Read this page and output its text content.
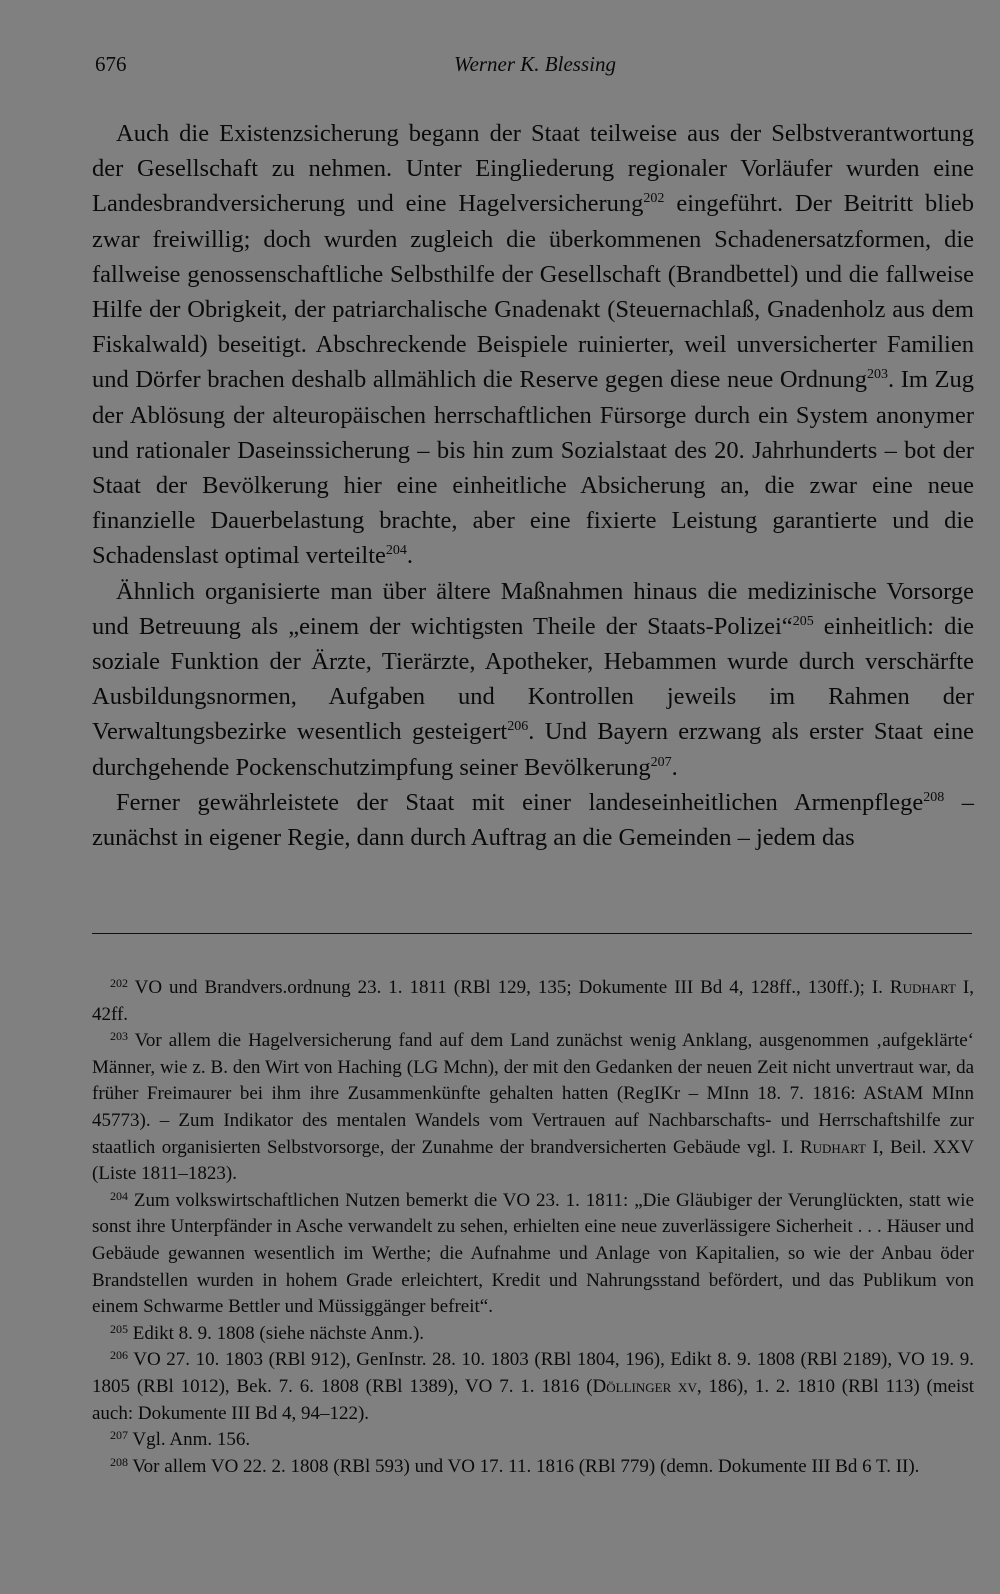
676	Werner K. Blessing

Auch die Existenzsicherung begann der Staat teilweise aus der Selbstverantwortung der Gesellschaft zu nehmen. Unter Eingliederung regionaler Vorläufer wurden eine Landesbrandversicherung und eine Hagelversicherung$^{202}$ eingeführt. Der Beitritt blieb zwar freiwillig; doch wurden zugleich die überkommenen Schadenersatzformen, die fallweise genossenschaftliche Selbsthilfe der Gesellschaft (Brandbettel) und die fallweise Hilfe der Obrigkeit, der patriarchalische Gnadenakt (Steuernachlaß, Gnadenholz aus dem Fiskalwald) beseitigt. Abschreckende Beispiele ruinierter, weil unversicherter Familien und Dörfer brachen deshalb allmählich die Reserve gegen diese neue Ordnung$^{203}$. Im Zug der Ablösung der alteuropäischen herrschaftlichen Fürsorge durch ein System anonymer und rationaler Daseinssicherung – bis hin zum Sozialstaat des 20. Jahrhunderts – bot der Staat der Bevölkerung hier eine einheitliche Absicherung an, die zwar eine neue finanzielle Dauerbelastung brachte, aber eine fixierte Leistung garantierte und die Schadenslast optimal verteilte$^{204}$.

Ähnlich organisierte man über ältere Maßnahmen hinaus die medizinische Vorsorge und Betreuung als „einem der wichtigsten Theile der Staats-Polizei“$^{205}$ einheitlich: die soziale Funktion der Ärzte, Tierärzte, Apotheker, Hebammen wurde durch verschärfte Ausbildungsnormen, Aufgaben und Kontrollen jeweils im Rahmen der Verwaltungsbezirke wesentlich gesteigert$^{206}$. Und Bayern erzwang als erster Staat eine durchgehende Pockenschutzimpfung seiner Bevölkerung$^{207}$.

Ferner gewährleistete der Staat mit einer landeseinheitlichen Armenpflege$^{208}$ – zunächst in eigener Regie, dann durch Auftrag an die Gemeinden – jedem das

$^{202}$ VO und Brandvers.ordnung 23. 1. 1811 (RBl 129, 135; Dokumente III Bd 4, 128ff., 130ff.); I. Rudhart I, 42ff.

$^{203}$ Vor allem die Hagelversicherung fand auf dem Land zunächst wenig Anklang, ausgenommen ‚aufgeklärte‘ Männer, wie z. B. den Wirt von Haching (LG Mchn), der mit den Gedanken der neuen Zeit nicht unvertraut war, da früher Freimaurer bei ihm ihre Zusammenkünfte gehalten hatten (RegIKr – MInn 18. 7. 1816: AStAM MInn 45773). – Zum Indikator des mentalen Wandels vom Vertrauen auf Nachbarschafts- und Herrschaftshilfe zur staatlich organisierten Selbstvorsorge, der Zunahme der brandversicherten Gebäude vgl. I. Rudhart I, Beil. XXV (Liste 1811–1823).

$^{204}$ Zum volkswirtschaftlichen Nutzen bemerkt die VO 23. 1. 1811: „Die Gläubiger der Verunglückten, statt wie sonst ihre Unterpfänder in Asche verwandelt zu sehen, erhielten eine neue zuverlässigere Sicherheit . . . Häuser und Gebäude gewannen wesentlich im Werthe; die Aufnahme und Anlage von Kapitalien, so wie der Anbau öder Brandstellen wurden in hohem Grade erleichtert, Kredit und Nahrungsstand befördert, und das Publikum von einem Schwarme Bettler und Müssiggänger befreit“.

$^{205}$ Edikt 8. 9. 1808 (siehe nächste Anm.).

$^{206}$ VO 27. 10. 1803 (RBl 912), GenInstr. 28. 10. 1803 (RBl 1804, 196), Edikt 8. 9. 1808 (RBl 2189), VO 19. 9. 1805 (RBl 1012), Bek. 7. 6. 1808 (RBl 1389), VO 7. 1. 1816 (Döllinger xv, 186), 1. 2. 1810 (RBl 113) (meist auch: Dokumente III Bd 4, 94–122).

$^{207}$ Vgl. Anm. 156.

$^{208}$ Vor allem VO 22. 2. 1808 (RBl 593) und VO 17. 11. 1816 (RBl 779) (demn. Dokumente III Bd 6 T. II).
